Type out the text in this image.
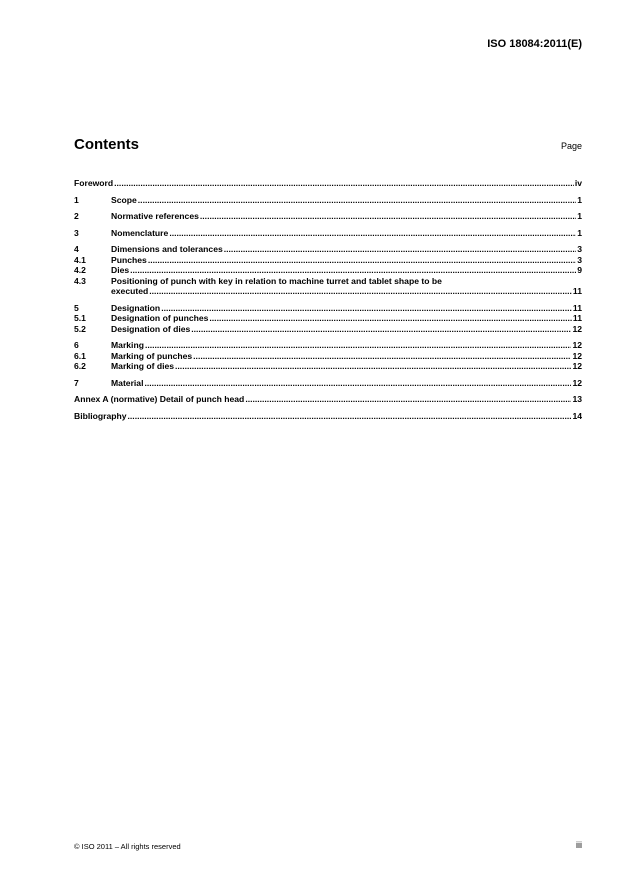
ISO 18084:2011(E)
Contents	Page
Foreword .....	iv
1	Scope .....	1
2	Normative references .....	1
3	Nomenclature .....	1
4	Dimensions and tolerances .....	3
4.1	Punches .....	3
4.2	Dies .....	9
4.3	Positioning of punch with key in relation to machine turret and tablet shape to be
executed .....	11
5	Designation .....	11
5.1	Designation of punches .....	11
5.2	Designation of dies .....	12
6	Marking .....	12
6.1	Marking of punches .....	12
6.2	Marking of dies .....	12
7	Material .....	12
Annex A (normative) Detail of punch head .....	13
Bibliography .....	14
© ISO 2011 – All rights reserved	iii
